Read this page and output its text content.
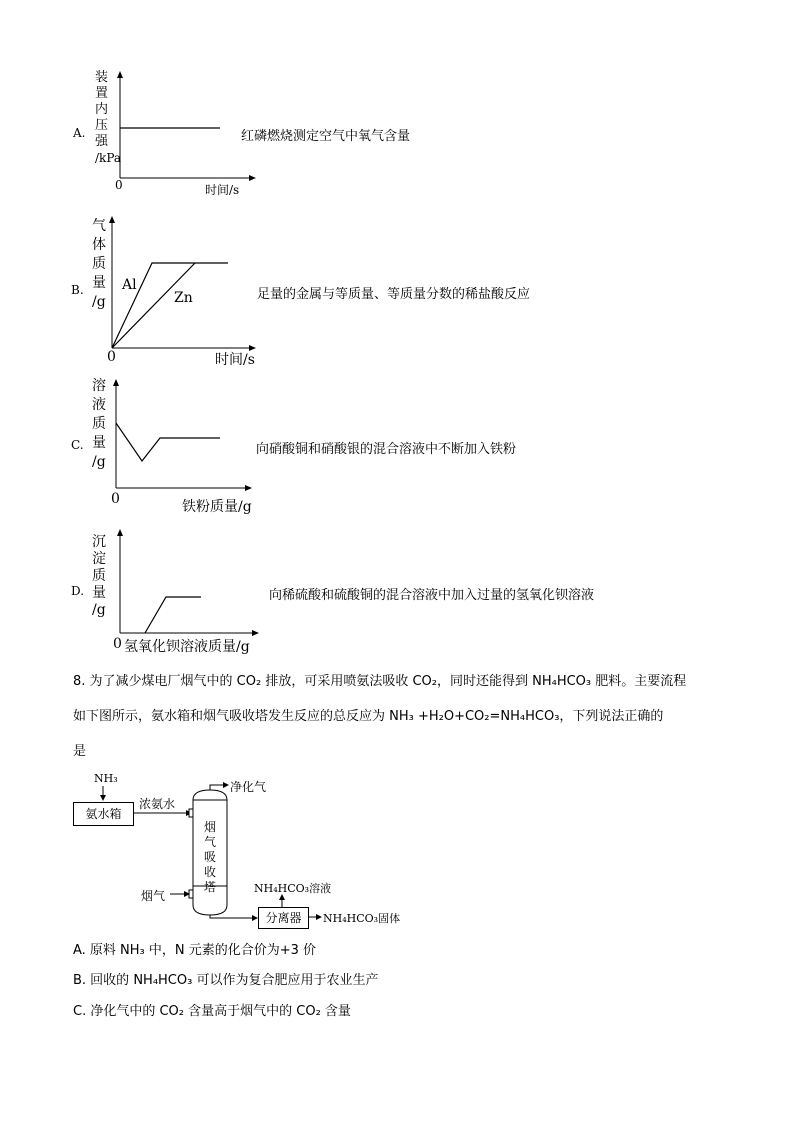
A.
装
置
内
压
强
/kPa
0	时间/s
红磷燃烧测定空气中氧气含量
B.
气
体
质
量
/g
Al
Zn
0	时间/s
足量的金属与等质量、等质量分数的稀盐酸反应
C.
溶
液
质
量
/g
0	铁粉质量/g
向硝酸铜和硝酸银的混合溶液中不断加入铁粉
D.
沉
淀
质
量
/g
0 氢氧化钡溶液质量/g
向稀硫酸和硫酸铜的混合溶液中加入过量的氢氧化钡溶液
8. 为了减少煤电厂烟气中的 CO₂ 排放，可采用喷氨法吸收 CO₂，同时还能得到 NH₄HCO₃ 肥料。主要流程
如下图所示，氨水箱和烟气吸收塔发生反应的总反应为 NH₃ +H₂O+CO₂=NH₄HCO₃，下列说法正确的
是
NH₃
氨水箱
浓氨水
净化气
烟
气
吸
收
塔
烟气
NH₄HCO₃溶液
分离器	NH₄HCO₃固体
A. 原料 NH₃ 中，N 元素的化合价为+3 价
B. 回收的 NH₄HCO₃ 可以作为复合肥应用于农业生产
C. 净化气中的 CO₂ 含量高于烟气中的 CO₂ 含量
